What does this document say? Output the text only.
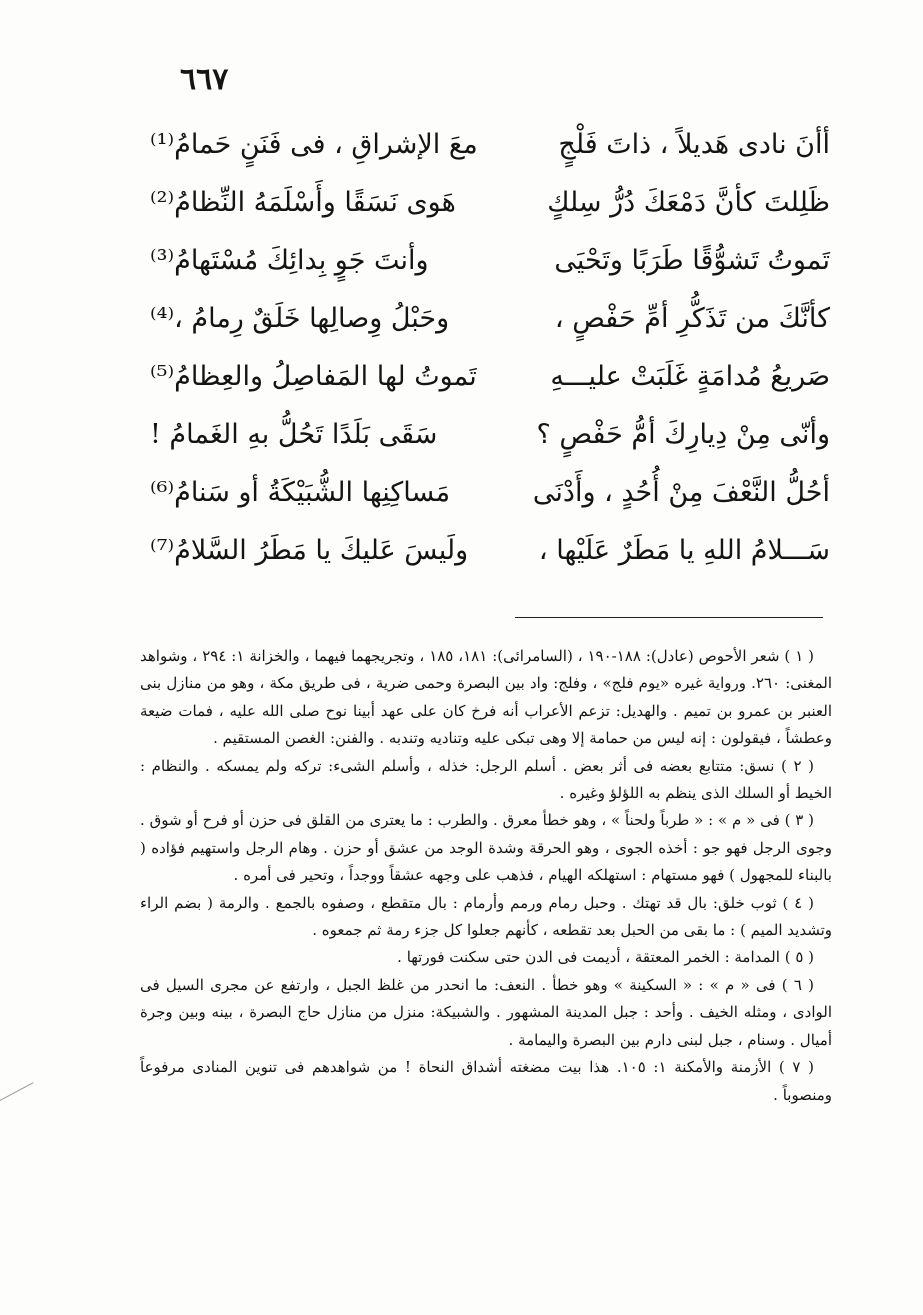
٦٦٧
أأنَ نادى هَديلاً ، ذاتَ فَلْجٍ
معَ الإشراقِ ، فى فَنَنٍ حَمامُ⁽¹⁾
ظَلِلتَ كأنَّ دَمْعَكَ دُرُّ سِلكٍ
هَوى نَسَقًا وأَسْلَمَهُ النِّظامُ⁽²⁾
تَموتُ تَشوُّقًا طَرَبًا وتَحْيَى
وأنتَ جَوٍ بِدائِكَ مُسْتَهامُ⁽³⁾
كأنَّكَ من تَذَكُّرِ أمِّ حَفْصٍ ،
وحَبْلُ وِصالِها خَلَقٌ رِمامُ ،⁽⁴⁾
صَريعُ مُدامَةٍ غَلَبَتْ عليـــهِ
تَموتُ لها المَفاصِلُ والعِظامُ⁽⁵⁾
وأنّى مِنْ دِيارِكَ أمُّ حَفْصٍ ؟
سَقَى بَلَدًا تَحُلُّ بهِ الغَمامُ !
أحُلُّ النَّعْفَ مِنْ أُحُدٍ ، وأَدْنَى
مَساكِنِها الشُّبَيْكَةُ أو سَنامُ⁽⁶⁾
سَـــلامُ اللهِ يا مَطَرٌ عَلَيْها ،
ولَيسَ عَليكَ يا مَطَرُ السَّلامُ⁽⁷⁾

( ١ ) شعر الأحوص (عادل): ١٨٨-١٩٠ ، (السامرائى): ١٨١، ١٨٥ ، وتجريجهما فيهما ، والخزانة ١: ٢٩٤ ، وشواهد المغنى: ٢٦٠. ورواية غيره «يوم فلج» ، وفلج: واد بين البصرة وحمى ضرية ، فى طريق مكة ، وهو من منازل بنى العنبر بن عمرو بن تميم . والهديل: تزعم الأعراب أنه فرخ كان على عهد أبينا نوح صلى الله عليه ، فمات ضيعة وعطشاً ، فيقولون : إنه ليس من حمامة إلا وهى تبكى عليه وتناديه وتندبه . والفنن: الغصن المستقيم .

( ٢ ) نسق: متتابع بعضه فى أثر بعض . أسلم الرجل: خذله ، وأسلم الشىء: تركه ولم يمسكه . والنظام : الخيط أو السلك الذى ينظم به اللؤلؤ وغيره .

( ٣ ) فى « م » : « طرباً ولحناً » ، وهو خطأ معرق . والطرب : ما يعترى من القلق فى حزن أو فرح أو شوق . وجوى الرجل فهو جو : أخذه الجوى ، وهو الحرقة وشدة الوجد من عشق أو حزن . وهام الرجل واستهيم فؤاده ( بالبناء للمجهول ) فهو مستهام : استهلكه الهيام ، فذهب على وجهه عشقاً ووجداً ، وتحير فى أمره .

( ٤ ) ثوب خلق: بال قد تهتك . وحبل رمام ورمم وأرمام : بال متقطع ، وصفوه بالجمع . والرمة ( بضم الراء وتشديد الميم ) : ما بقى من الحبل بعد تقطعه ، كأنهم جعلوا كل جزء رمة ثم جمعوه .

( ٥ ) المدامة : الخمر المعتقة ، أديمت فى الدن حتى سكنت فورتها .

( ٦ ) فى « م » : « السكينة » وهو خطأ . النعف: ما انحدر من غلظ الجبل ، وارتفع عن مجرى السيل فى الوادى ، ومثله الخيف . وأحد : جبل المدينة المشهور . والشبيكة: منزل من منازل حاج البصرة ، بينه وبين وجرة أميال . وسنام ، جبل لبنى دارم بين البصرة واليمامة .

( ٧ ) الأزمنة والأمكنة ١: ١٠٥. هذا بيت مضغته أشداق النحاة ! من شواهدهم فى تنوين المنادى مرفوعاً ومنصوباً .
